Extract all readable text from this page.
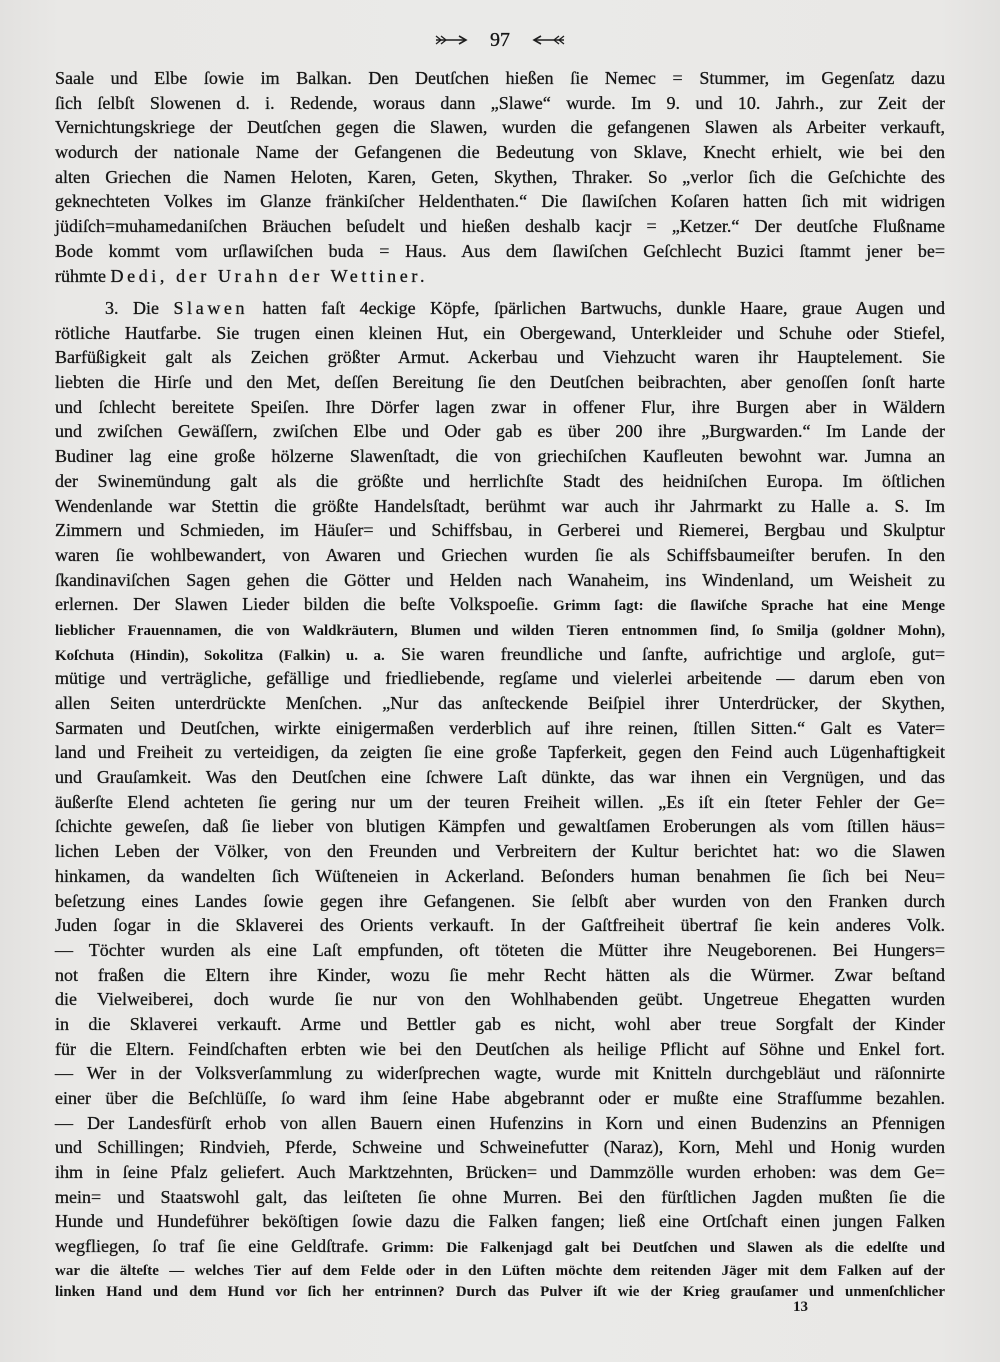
97
Saale und Elbe ſowie im Balkan. Den Deutſchen hießen ſie Nemec = Stummer, im Gegenſatz dazu
ſich ſelbſt Slowenen d. i. Redende, woraus dann „Slawe“ wurde. Im 9. und 10. Jahrh., zur Zeit der
Vernichtungskriege der Deutſchen gegen die Slawen, wurden die gefangenen Slawen als Arbeiter verkauft,
wodurch der nationale Name der Gefangenen die Bedeutung von Sklave, Knecht erhielt, wie bei den
alten Griechen die Namen Heloten, Karen, Geten, Skythen, Thraker. So „verlor ſich die Geſchichte des
geknechteten Volkes im Glanze fränkiſcher Heldenthaten.“ Die ſlawiſchen Koſaren hatten ſich mit widrigen
jüdiſch=muhamedaniſchen Bräuchen beſudelt und hießen deshalb kacjr = „Ketzer.“ Der deutſche Flußname
Bode kommt vom urſlawiſchen buda = Haus. Aus dem ſlawiſchen Geſchlecht Buzici ſtammt jener be=
rühmte Dedi, der Urahn der Wettiner.
3. Die Slawen hatten faſt 4eckige Köpfe, ſpärlichen Bartwuchs, dunkle Haare, graue Augen und
rötliche Hautfarbe. Sie trugen einen kleinen Hut, ein Obergewand, Unterkleider und Schuhe oder Stiefel,
Barfüßigkeit galt als Zeichen größter Armut. Ackerbau und Viehzucht waren ihr Hauptelement. Sie
liebten die Hirſe und den Met, deſſen Bereitung ſie den Deutſchen beibrachten, aber genoſſen ſonſt harte
und ſchlecht bereitete Speiſen. Ihre Dörfer lagen zwar in offener Flur, ihre Burgen aber in Wäldern
und zwiſchen Gewäſſern, zwiſchen Elbe und Oder gab es über 200 ihre „Burgwarden.“ Im Lande der
Budiner lag eine große hölzerne Slawenſtadt, die von griechiſchen Kaufleuten bewohnt war. Jumna an
der Swinemündung galt als die größte und herrlichſte Stadt des heidniſchen Europa. Im öſtlichen
Wendenlande war Stettin die größte Handelsſtadt, berühmt war auch ihr Jahrmarkt zu Halle a. S. Im
Zimmern und Schmieden, im Häuſer= und Schiffsbau, in Gerberei und Riemerei, Bergbau und Skulptur
waren ſie wohlbewandert, von Awaren und Griechen wurden ſie als Schiffsbaumeiſter berufen. In den
ſkandinaviſchen Sagen gehen die Götter und Helden nach Wanaheim, ins Windenland, um Weisheit zu
erlernen. Der Slawen Lieder bilden die beſte Volkspoeſie. Grimm ſagt: die ſlawiſche Sprache hat eine Menge
lieblicher Frauennamen, die von Waldkräutern, Blumen und wilden Tieren entnommen ſind, ſo Smilja (goldner Mohn),
Koſchuta (Hindin), Sokolitza (Falkin) u. a. Sie waren freundliche und ſanfte, aufrichtige und argloſe, gut=
mütige und verträgliche, gefällige und friedliebende, regſame und vielerlei arbeitende — darum eben von
allen Seiten unterdrückte Menſchen. „Nur das anſteckende Beiſpiel ihrer Unterdrücker, der Skythen,
Sarmaten und Deutſchen, wirkte einigermaßen verderblich auf ihre reinen, ſtillen Sitten.“ Galt es Vater=
land und Freiheit zu verteidigen, da zeigten ſie eine große Tapferkeit, gegen den Feind auch Lügenhaftigkeit
und Grauſamkeit. Was den Deutſchen eine ſchwere Laſt dünkte, das war ihnen ein Vergnügen, und das
äußerſte Elend achteten ſie gering nur um der teuren Freiheit willen. „Es iſt ein ſteter Fehler der Ge=
ſchichte geweſen, daß ſie lieber von blutigen Kämpfen und gewaltſamen Eroberungen als vom ſtillen häus=
lichen Leben der Völker, von den Freunden und Verbreitern der Kultur berichtet hat: wo die Slawen
hinkamen, da wandelten ſich Wüſteneien in Ackerland. Beſonders human benahmen ſie ſich bei Neu=
beſetzung eines Landes ſowie gegen ihre Gefangenen. Sie ſelbſt aber wurden von den Franken durch
Juden ſogar in die Sklaverei des Orients verkauft. In der Gaſtfreiheit übertraf ſie kein anderes Volk.
— Töchter wurden als eine Laſt empfunden, oft töteten die Mütter ihre Neugeborenen. Bei Hungers=
not fraßen die Eltern ihre Kinder, wozu ſie mehr Recht hätten als die Würmer. Zwar beſtand
die Vielweiberei, doch wurde ſie nur von den Wohlhabenden geübt. Ungetreue Ehegatten wurden
in die Sklaverei verkauft. Arme und Bettler gab es nicht, wohl aber treue Sorgfalt der Kinder
für die Eltern. Feindſchaften erbten wie bei den Deutſchen als heilige Pflicht auf Söhne und Enkel fort.
— Wer in der Volksverſammlung zu widerſprechen wagte, wurde mit Knitteln durchgebläut und räſonnirte
einer über die Beſchlüſſe, ſo ward ihm ſeine Habe abgebrannt oder er mußte eine Strafſumme bezahlen.
— Der Landesfürſt erhob von allen Bauern einen Hufenzins in Korn und einen Budenzins an Pfennigen
und Schillingen; Rindvieh, Pferde, Schweine und Schweinefutter (Naraz), Korn, Mehl und Honig wurden
ihm in ſeine Pfalz geliefert. Auch Marktzehnten, Brücken= und Dammzölle wurden erhoben: was dem Ge=
mein= und Staatswohl galt, das leiſteten ſie ohne Murren. Bei den fürſtlichen Jagden mußten ſie die
Hunde und Hundeführer beköſtigen ſowie dazu die Falken fangen; ließ eine Ortſchaft einen jungen Falken
wegfliegen, ſo traf ſie eine Geldſtrafe. Grimm: Die Falkenjagd galt bei Deutſchen und Slawen als die edelſte und
war die älteſte — welches Tier auf dem Felde oder in den Lüften möchte dem reitenden Jäger mit dem Falken auf der
linken Hand und dem Hund vor ſich her entrinnen? Durch das Pulver iſt wie der Krieg grauſamer und unmenſchlicher
13
